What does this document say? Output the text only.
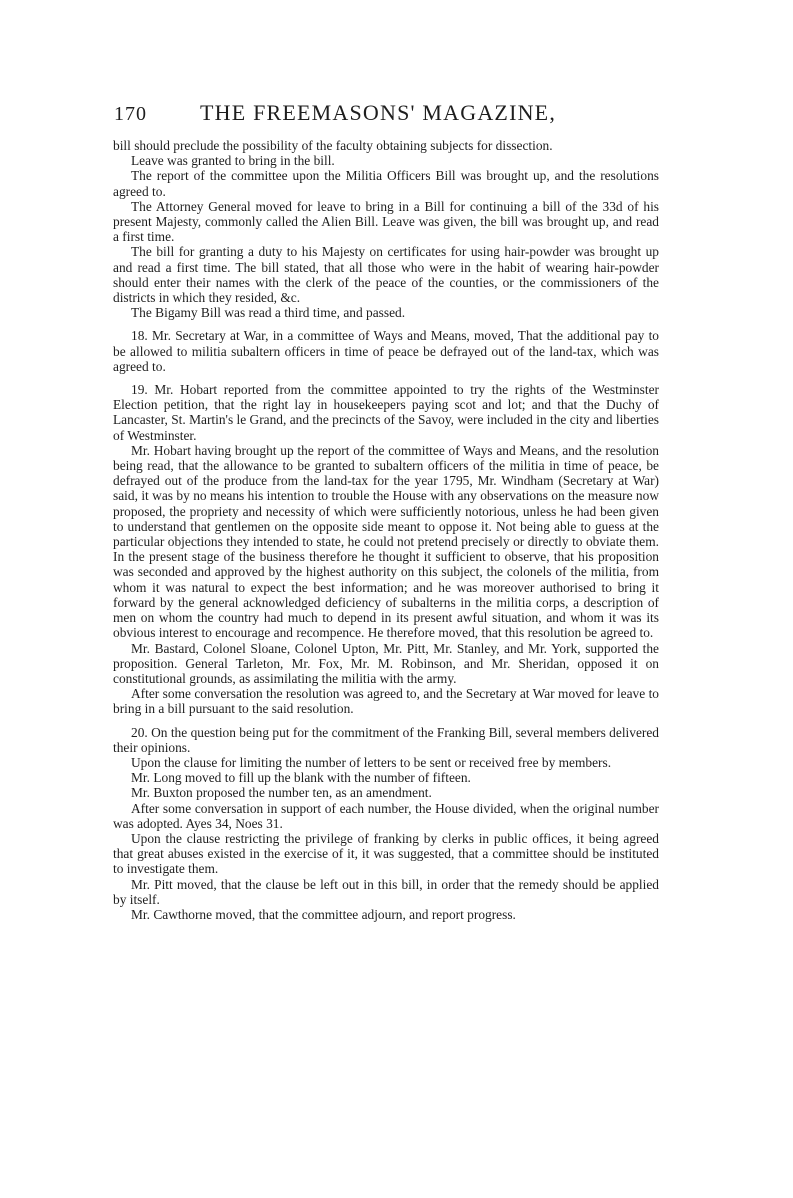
170 THE FREEMASONS' MAGAZINE,

bill should preclude the possibility of the faculty obtaining subjects for dissection.

Leave was granted to bring in the bill.

The report of the committee upon the Militia Officers Bill was brought up, and the resolutions agreed to.

The Attorney General moved for leave to bring in a Bill for continuing a bill of the 33d of his present Majesty, commonly called the Alien Bill. Leave was given, the bill was brought up, and read a first time.

The bill for granting a duty to his Majesty on certificates for using hair-powder was brought up and read a first time. The bill stated, that all those who were in the habit of wearing hair-powder should enter their names with the clerk of the peace of the counties, or the commissioners of the districts in which they resided, &c.

The Bigamy Bill was read a third time, and passed.

18. Mr. Secretary at War, in a committee of Ways and Means, moved, That the additional pay to be allowed to militia subaltern officers in time of peace be defrayed out of the land-tax, which was agreed to.

19. Mr. Hobart reported from the committee appointed to try the rights of the Westminster Election petition, that the right lay in housekeepers paying scot and lot; and that the Duchy of Lancaster, St. Martin's le Grand, and the precincts of the Savoy, were included in the city and liberties of Westminster.

Mr. Hobart having brought up the report of the committee of Ways and Means, and the resolution being read, that the allowance to be granted to subaltern officers of the militia in time of peace, be defrayed out of the produce from the land-tax for the year 1795, Mr. Windham (Secretary at War) said, it was by no means his intention to trouble the House with any observations on the measure now proposed, the propriety and necessity of which were sufficiently notorious, unless he had been given to understand that gentlemen on the opposite side meant to oppose it. Not being able to guess at the particular objections they intended to state, he could not pretend precisely or directly to obviate them. In the present stage of the business therefore he thought it sufficient to observe, that his proposition was seconded and approved by the highest authority on this subject, the colonels of the militia, from whom it was natural to expect the best information; and he was moreover authorised to bring it forward by the general acknowledged deficiency of subalterns in the militia corps, a description of men on whom the country had much to depend in its present awful situation, and whom it was its obvious interest to encourage and recompence. He therefore moved, that this resolution be agreed to.

Mr. Bastard, Colonel Sloane, Colonel Upton, Mr. Pitt, Mr. Stanley, and Mr. York, supported the proposition. General Tarleton, Mr. Fox, Mr. M. Robinson, and Mr. Sheridan, opposed it on constitutional grounds, as assimilating the militia with the army.

After some conversation the resolution was agreed to, and the Secretary at War moved for leave to bring in a bill pursuant to the said resolution.

20. On the question being put for the commitment of the Franking Bill, several members delivered their opinions.

Upon the clause for limiting the number of letters to be sent or received free by members.

Mr. Long moved to fill up the blank with the number of fifteen.

Mr. Buxton proposed the number ten, as an amendment.

After some conversation in support of each number, the House divided, when the original number was adopted. Ayes 34, Noes 31.

Upon the clause restricting the privilege of franking by clerks in public offices, it being agreed that great abuses existed in the exercise of it, it was suggested, that a committee should be instituted to investigate them.

Mr. Pitt moved, that the clause be left out in this bill, in order that the remedy should be applied by itself.

Mr. Cawthorne moved, that the committee adjourn, and report progress.
